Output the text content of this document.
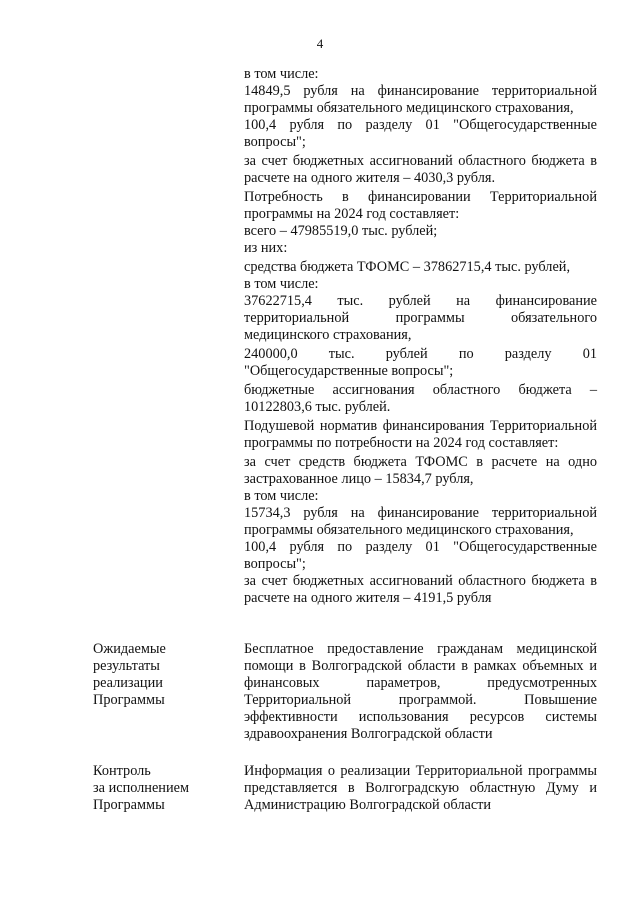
4

в том числе:

14849,5 рубля на финансирование территориальной программы обязательного медицинского страхования,

100,4 рубля по разделу 01 "Общегосударственные вопросы";

за счет бюджетных ассигнований областного бюджета в расчете на одного жителя – 4030,3 рубля.

Потребность в финансировании Территориальной программы на 2024 год составляет:

всего – 47985519,0 тыс. рублей;

из них:

средства бюджета ТФОМС – 37862715,4 тыс. рублей,

в том числе:

37622715,4 тыс. рублей на финансирование территориальной программы обязательного медицинского страхования,

240000,0 тыс. рублей по разделу 01 "Общегосударственные вопросы";

бюджетные ассигнования областного бюджета – 10122803,6 тыс. рублей.

Подушевой норматив финансирования Территориальной программы по потребности на 2024 год составляет:

за счет средств бюджета ТФОМС в расчете на одно застрахованное лицо – 15834,7 рубля,

в том числе:

15734,3 рубля на финансирование территориальной программы обязательного медицинского страхования,

100,4 рубля по разделу 01 "Общегосударственные вопросы";

за счет бюджетных ассигнований областного бюджета в расчете на одного жителя – 4191,5 рубля

Ожидаемые
результаты
реализации
Программы

Бесплатное предоставление гражданам медицинской помощи в Волгоградской области в рамках объемных и финансовых параметров, предусмотренных Территориальной программой. Повышение эффективности использования ресурсов системы здравоохранения Волгоградской области

Контроль
за исполнением
Программы

Информация о реализации Территориальной программы представляется в Волгоградскую областную Думу и Администрацию Волгоградской области
